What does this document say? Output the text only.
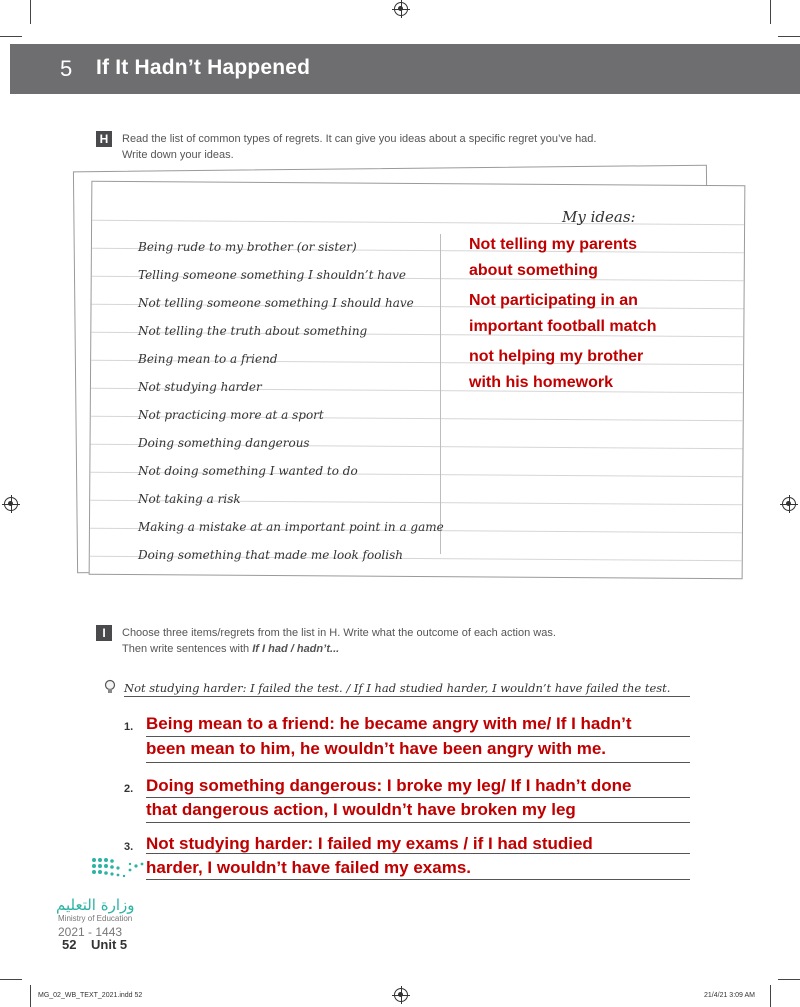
5 If It Hadn’t Happened
H	Read the list of common types of regrets. It can give you ideas about a specific regret you’ve had.
Write down your ideas.
My ideas:
Being rude to my brother (or sister)
Telling someone something I shouldn’t have
Not telling someone something I should have
Not telling the truth about something
Being mean to a friend
Not studying harder
Not practicing more at a sport
Doing something dangerous
Not doing something I wanted to do
Not taking a risk
Making a mistake at an important point in a game
Doing something that made me look foolish
Not telling my parents
about something
Not participating in an
important football match
not helping my brother
with his homework
I	Choose three items/regrets from the list in H. Write what the outcome of each action was.
Then write sentences with If I had / hadn’t...
Not studying harder: I failed the test. / If I had studied harder, I wouldn’t have failed the test.
1. Being mean to a friend: he became angry with me/ If I hadn’t
been mean to him, he wouldn’t have been angry with me.
2. Doing something dangerous: I broke my leg/ If I hadn’t done
that dangerous action, I wouldn’t have broken my leg
3. Not studying harder: I failed my exams / if I had studied
harder, I wouldn’t have failed my exams.
وزارة التعليم
Ministry of Education
2021 - 1443
52 Unit 5
MG_02_WB_TEXT_2021.indd 52	21/4/21 3:09 AM
